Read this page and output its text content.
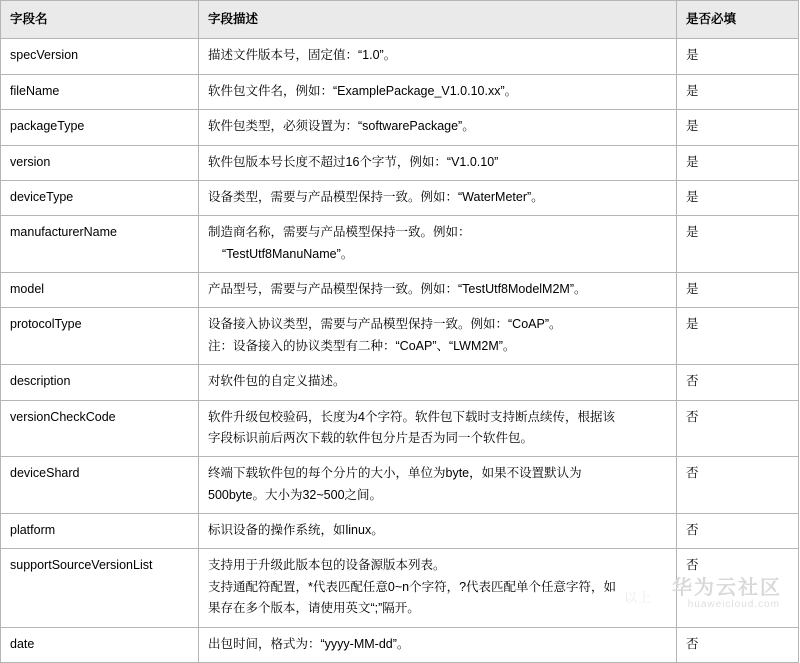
字段名	字段描述	是否必填
specVersion	描述文件版本号，固定值：“1.0”。	是
fileName	软件包文件名，例如：“ExamplePackage_V1.0.10.xx”。	是
packageType	软件包类型，必须设置为：“softwarePackage”。	是
version	软件包版本号长度不超过16个字节，例如：“V1.0.10”	是
deviceType	设备类型，需要与产品模型保持一致。例如：“WaterMeter”。	是
manufacturerName	制造商名称，需要与产品模型保持一致。例如：
“TestUtf8ManuName”。	是
model	产品型号，需要与产品模型保持一致。例如：“TestUtf8ModelM2M”。	是
protocolType	设备接入协议类型，需要与产品模型保持一致。例如：“CoAP”。
注：设备接入的协议类型有二种：“CoAP”、“LWM2M”。	是
description	对软件包的自定义描述。	否
versionCheckCode	软件升级包校验码，长度为4个字符。软件包下载时支持断点续传，根据该
字段标识前后两次下载的软件包分片是否为同一个软件包。	否
deviceShard	终端下载软件包的每个分片的大小，单位为byte，如果不设置默认为
500byte。大小为32~500之间。	否
platform	标识设备的操作系统，如linux。	否
supportSourceVersionList	支持用于升级此版本包的设备源版本列表。
支持通配符配置，*代表匹配任意0~n个字符，?代表匹配单个任意字符，如
果存在多个版本，请使用英文“;”隔开。	否
date	出包时间，格式为：“yyyy-MM-dd”。	否
以上 华为云社区
huaweicloud.com
